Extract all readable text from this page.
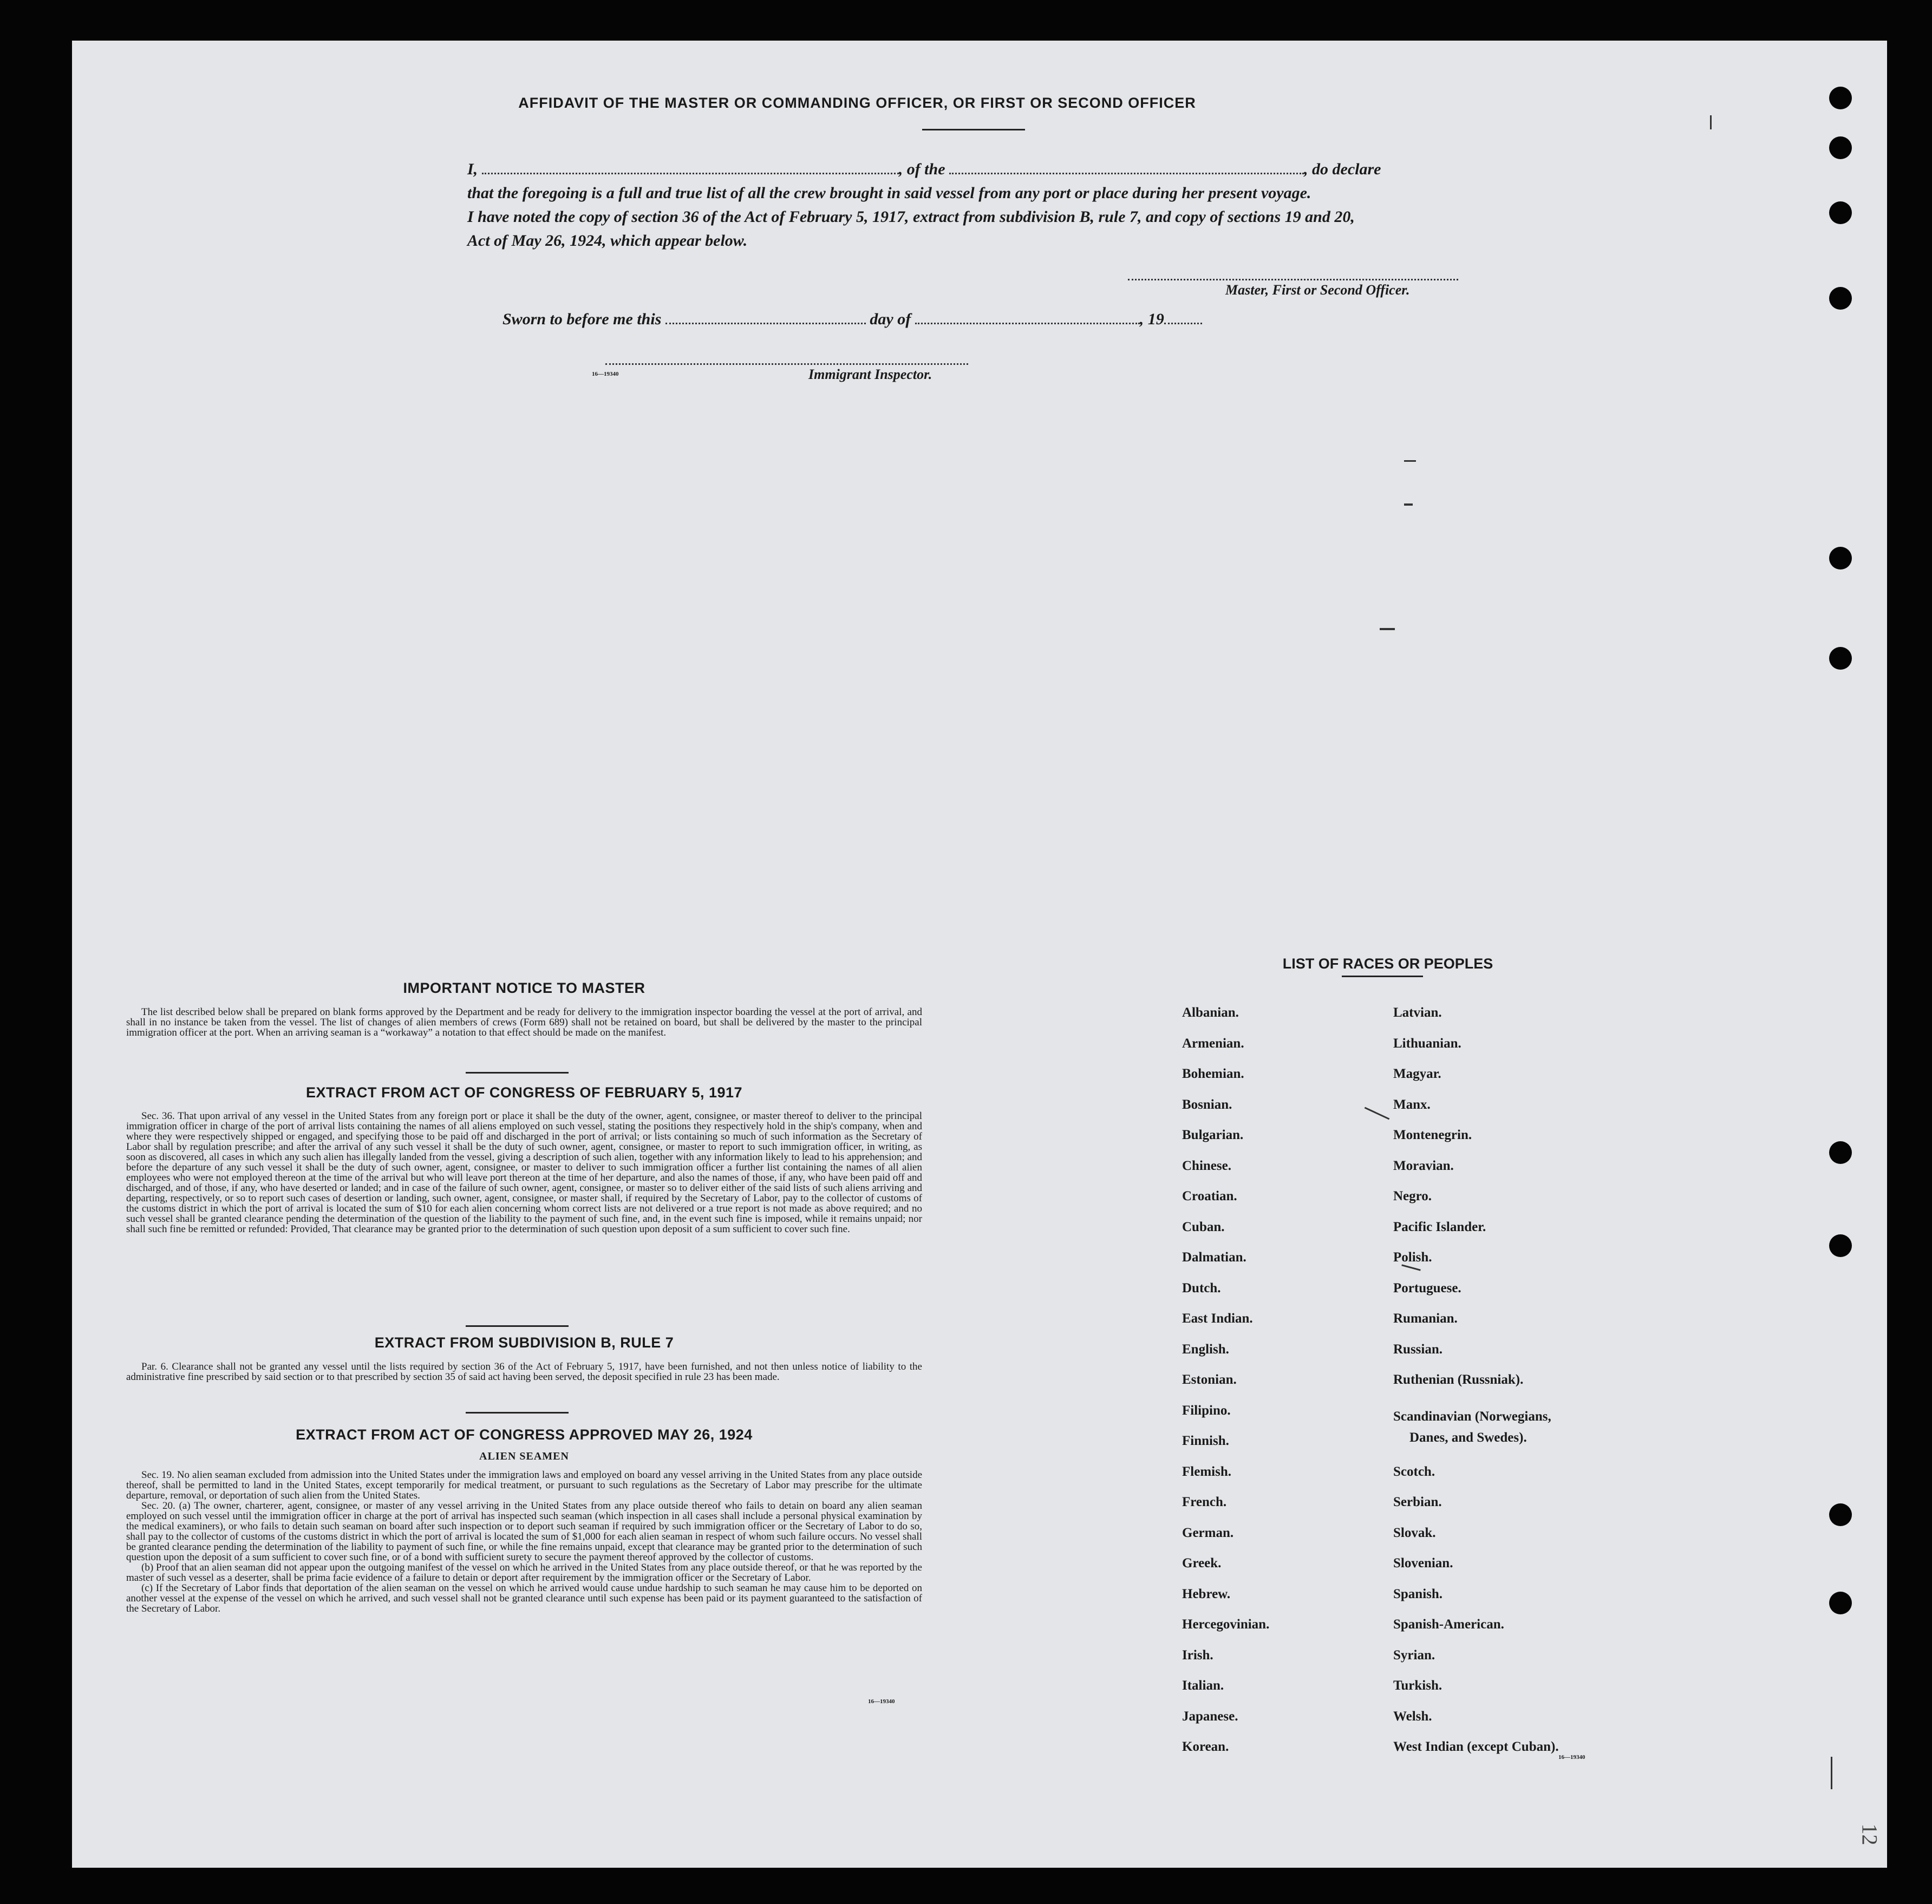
AFFIDAVIT OF THE MASTER OR COMMANDING OFFICER, OR FIRST OR SECOND OFFICER
I,	, of the	, do declare
that the foregoing is a full and true list of all the crew brought in said vessel from any port or place during her present voyage.
I have noted the copy of section 36 of the Act of February 5, 1917, extract from subdivision B, rule 7, and copy of sections 19 and 20,
Act of May 26, 1924, which appear below.
Master, First or Second Officer.
Sworn to before me this	day of	, 19
16—19340	Immigrant Inspector.
IMPORTANT NOTICE TO MASTER

The list described below shall be prepared on blank forms approved by the Department and be ready for delivery to the immigration inspector boarding the vessel at the port of arrival, and shall in no instance be taken from the vessel. The list of changes of alien members of crews (Form 689) shall not be retained on board, but shall be delivered by the master to the principal immigration officer at the port. When an arriving seaman is a “workaway” a notation to that effect should be made on the manifest.

EXTRACT FROM ACT OF CONGRESS OF FEBRUARY 5, 1917

Sec. 36. That upon arrival of any vessel in the United States from any foreign port or place it shall be the duty of the owner, agent, consignee, or master thereof to deliver to the principal immigration officer in charge of the port of arrival lists containing the names of all aliens employed on such vessel, stating the positions they respectively hold in the ship's company, when and where they were respectively shipped or engaged, and specifying those to be paid off and discharged in the port of arrival; or lists containing so much of such information as the Secretary of Labor shall by regulation prescribe; and after the arrival of any such vessel it shall be the duty of such owner, agent, consignee, or master to report to such immigration officer, in writing, as soon as discovered, all cases in which any such alien has illegally landed from the vessel, giving a description of such alien, together with any information likely to lead to his apprehension; and before the departure of any such vessel it shall be the duty of such owner, agent, consignee, or master to deliver to such immigration officer a further list containing the names of all alien employees who were not employed thereon at the time of the arrival but who will leave port thereon at the time of her departure, and also the names of those, if any, who have been paid off and discharged, and of those, if any, who have deserted or landed; and in case of the failure of such owner, agent, consignee, or master so to deliver either of the said lists of such aliens arriving and departing, respectively, or so to report such cases of desertion or landing, such owner, agent, consignee, or master shall, if required by the Secretary of Labor, pay to the collector of customs of the customs district in which the port of arrival is located the sum of $10 for each alien concerning whom correct lists are not delivered or a true report is not made as above required; and no such vessel shall be granted clearance pending the determination of the question of the liability to the payment of such fine, and, in the event such fine is imposed, while it remains unpaid; nor shall such fine be remitted or refunded: Provided, That clearance may be granted prior to the determination of such question upon deposit of a sum sufficient to cover such fine.

EXTRACT FROM SUBDIVISION B, RULE 7

Par. 6. Clearance shall not be granted any vessel until the lists required by section 36 of the Act of February 5, 1917, have been furnished, and not then unless notice of liability to the administrative fine prescribed by said section or to that prescribed by section 35 of said act having been served, the deposit specified in rule 23 has been made.

EXTRACT FROM ACT OF CONGRESS APPROVED MAY 26, 1924
ALIEN SEAMEN

Sec. 19. No alien seaman excluded from admission into the United States under the immigration laws and employed on board any vessel arriving in the United States from any place outside thereof, shall be permitted to land in the United States, except temporarily for medical treatment, or pursuant to such regulations as the Secretary of Labor may prescribe for the ultimate departure, removal, or deportation of such alien from the United States.

Sec. 20. (a) The owner, charterer, agent, consignee, or master of any vessel arriving in the United States from any place outside thereof who fails to detain on board any alien seaman employed on such vessel until the immigration officer in charge at the port of arrival has inspected such seaman (which inspection in all cases shall include a personal physical examination by the medical examiners), or who fails to detain such seaman on board after such inspection or to deport such seaman if required by such immigration officer or the Secretary of Labor to do so, shall pay to the collector of customs of the customs district in which the port of arrival is located the sum of $1,000 for each alien seaman in respect of whom such failure occurs. No vessel shall be granted clearance pending the determination of the liability to payment of such fine, or while the fine remains unpaid, except that clearance may be granted prior to the determination of such question upon the deposit of a sum sufficient to cover such fine, or of a bond with sufficient surety to secure the payment thereof approved by the collector of customs.

(b) Proof that an alien seaman did not appear upon the outgoing manifest of the vessel on which he arrived in the United States from any place outside thereof, or that he was reported by the master of such vessel as a deserter, shall be prima facie evidence of a failure to detain or deport after requirement by the immigration officer or the Secretary of Labor.

(c) If the Secretary of Labor finds that deportation of the alien seaman on the vessel on which he arrived would cause undue hardship to such seaman he may cause him to be deported on another vessel at the expense of the vessel on which he arrived, and such vessel shall not be granted clearance until such expense has been paid or its payment guaranteed to the satisfaction of the Secretary of Labor.

16—19340
LIST OF RACES OR PEOPLES
16—19340
12
Albanian.
Armenian.
Bohemian.
Bosnian.
Bulgarian.
Chinese.
Croatian.
Cuban.
Dalmatian.
Dutch.
East Indian.
English.
Estonian.
Filipino.
Finnish.
Flemish.
French.
German.
Greek.
Hebrew.
Hercegovinian.
Irish.
Italian.
Japanese.
Korean.
Latvian.
Lithuanian.
Magyar.
Manx.
Montenegrin.
Moravian.
Negro.
Pacific Islander.
Polish.
Portuguese.
Rumanian.
Russian.
Ruthenian (Russniak).
Scandinavian (Norwegians,
Danes, and Swedes).
Scotch.
Serbian.
Slovak.
Slovenian.
Spanish.
Spanish-American.
Syrian.
Turkish.
Welsh.
West Indian (except Cuban).
